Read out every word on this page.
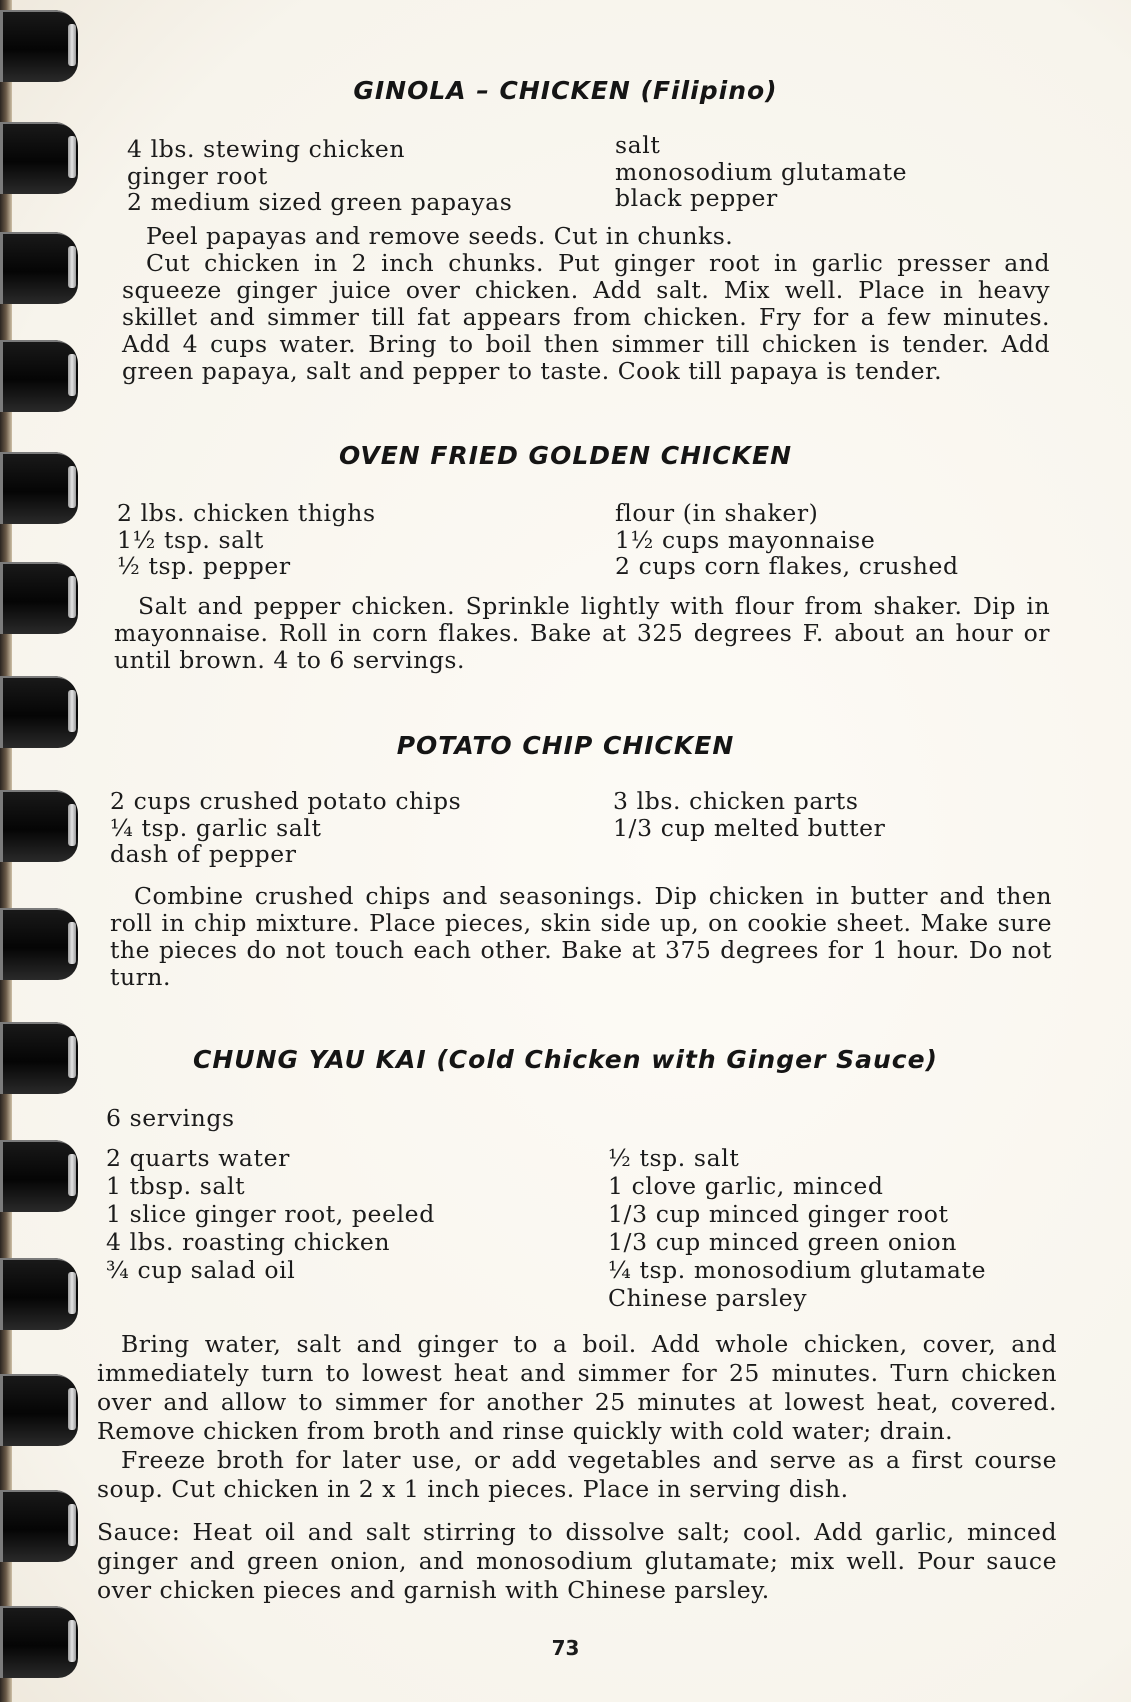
GINOLA – CHICKEN (Filipino)
4 lbs. stewing chicken
ginger root
2 medium sized green papayas
salt
monosodium glutamate
black pepper

Peel papayas and remove seeds. Cut in chunks.

Cut chicken in 2 inch chunks. Put ginger root in garlic presser and squeeze ginger juice over chicken. Add salt. Mix well. Place in heavy skillet and simmer till fat appears from chicken. Fry for a few minutes. Add 4 cups water. Bring to boil then simmer till chicken is tender. Add green papaya, salt and pepper to taste. Cook till papaya is tender.

OVEN FRIED GOLDEN CHICKEN
2 lbs. chicken thighs
1½ tsp. salt
½ tsp. pepper
flour (in shaker)
1½ cups mayonnaise
2 cups corn flakes, crushed

Salt and pepper chicken. Sprinkle lightly with flour from shaker. Dip in mayonnaise. Roll in corn flakes. Bake at 325 degrees F. about an hour or until brown. 4 to 6 servings.

POTATO CHIP CHICKEN
2 cups crushed potato chips
¼ tsp. garlic salt
dash of pepper
3 lbs. chicken parts
1/3 cup melted butter

Combine crushed chips and seasonings. Dip chicken in butter and then roll in chip mixture. Place pieces, skin side up, on cookie sheet. Make sure the pieces do not touch each other. Bake at 375 degrees for 1 hour. Do not turn.

CHUNG YAU KAI (Cold Chicken with Ginger Sauce)
6 servings
2 quarts water
1 tbsp. salt
1 slice ginger root, peeled
4 lbs. roasting chicken
¾ cup salad oil
½ tsp. salt
1 clove garlic, minced
1/3 cup minced ginger root
1/3 cup minced green onion
¼ tsp. monosodium glutamate
Chinese parsley

Bring water, salt and ginger to a boil. Add whole chicken, cover, and immediately turn to lowest heat and simmer for 25 minutes. Turn chicken over and allow to simmer for another 25 minutes at lowest heat, covered. Remove chicken from broth and rinse quickly with cold water; drain.

Freeze broth for later use, or add vegetables and serve as a first course soup. Cut chicken in 2 x 1 inch pieces. Place in serving dish.

Sauce: Heat oil and salt stirring to dissolve salt; cool. Add garlic, minced ginger and green onion, and monosodium glutamate; mix well. Pour sauce over chicken pieces and garnish with Chinese parsley.
73
